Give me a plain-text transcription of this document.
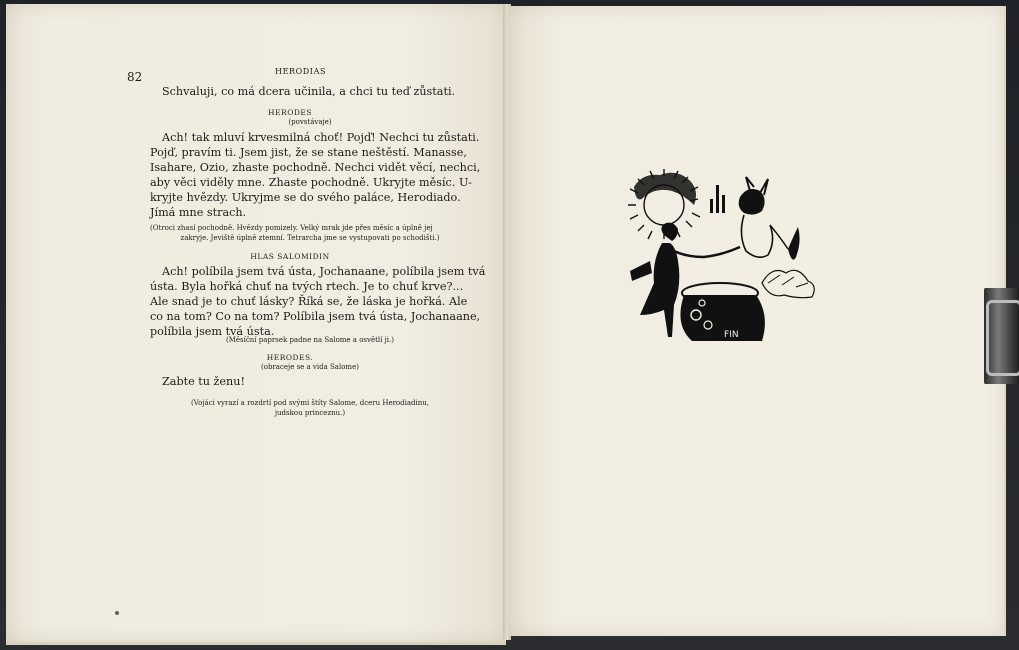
82	HERODIAS
Schvaluji, co má dcera učinila, a chci tu teď zůstati.
HERODES
(povstávaje)
Ach! tak mluví krvesmilná choť! Pojď! Nechci tu zůstati.
Pojď, pravím ti. Jsem jist, že se stane neštěstí. Manasse,
Isahare, Ozio, zhaste pochodně. Nechci vidět věcí, nechci,
aby věci viděly mne. Zhaste pochodně. Ukryjte měsíc. U-
kryjte hvězdy. Ukryjme se do svého paláce, Herodiado.
Jímá mne strach.
(Otroci zhasí pochodně. Hvězdy pomizely. Velký mrak jde přes měsíc a úplně jej
zakryje. Jeviště úplně ztemní. Tetrarcha jme se vystupovati po schodišti.)
HLAS SALOMIDIN
Ach! políbila jsem tvá ústa, Jochanaane, políbila jsem tvá
ústa. Byla hořká chuť na tvých rtech. Je to chuť krve?...
Ale snad je to chuť lásky? Říká se, že láska je hořká. Ale
co na tom? Co na tom? Políbila jsem tvá ústa, Jochanaane,
políbila jsem tvá ústa.
(Měsíční paprsek padne na Salome a osvětlí ji.)
HERODES.
(obraceje se a vida Salome)
Zabte tu ženu!
(Vojáci vyrazí a rozdrtí pod svými štíty Salome, dceru Herodiadinu,
judskou princeznu.)
FIN
